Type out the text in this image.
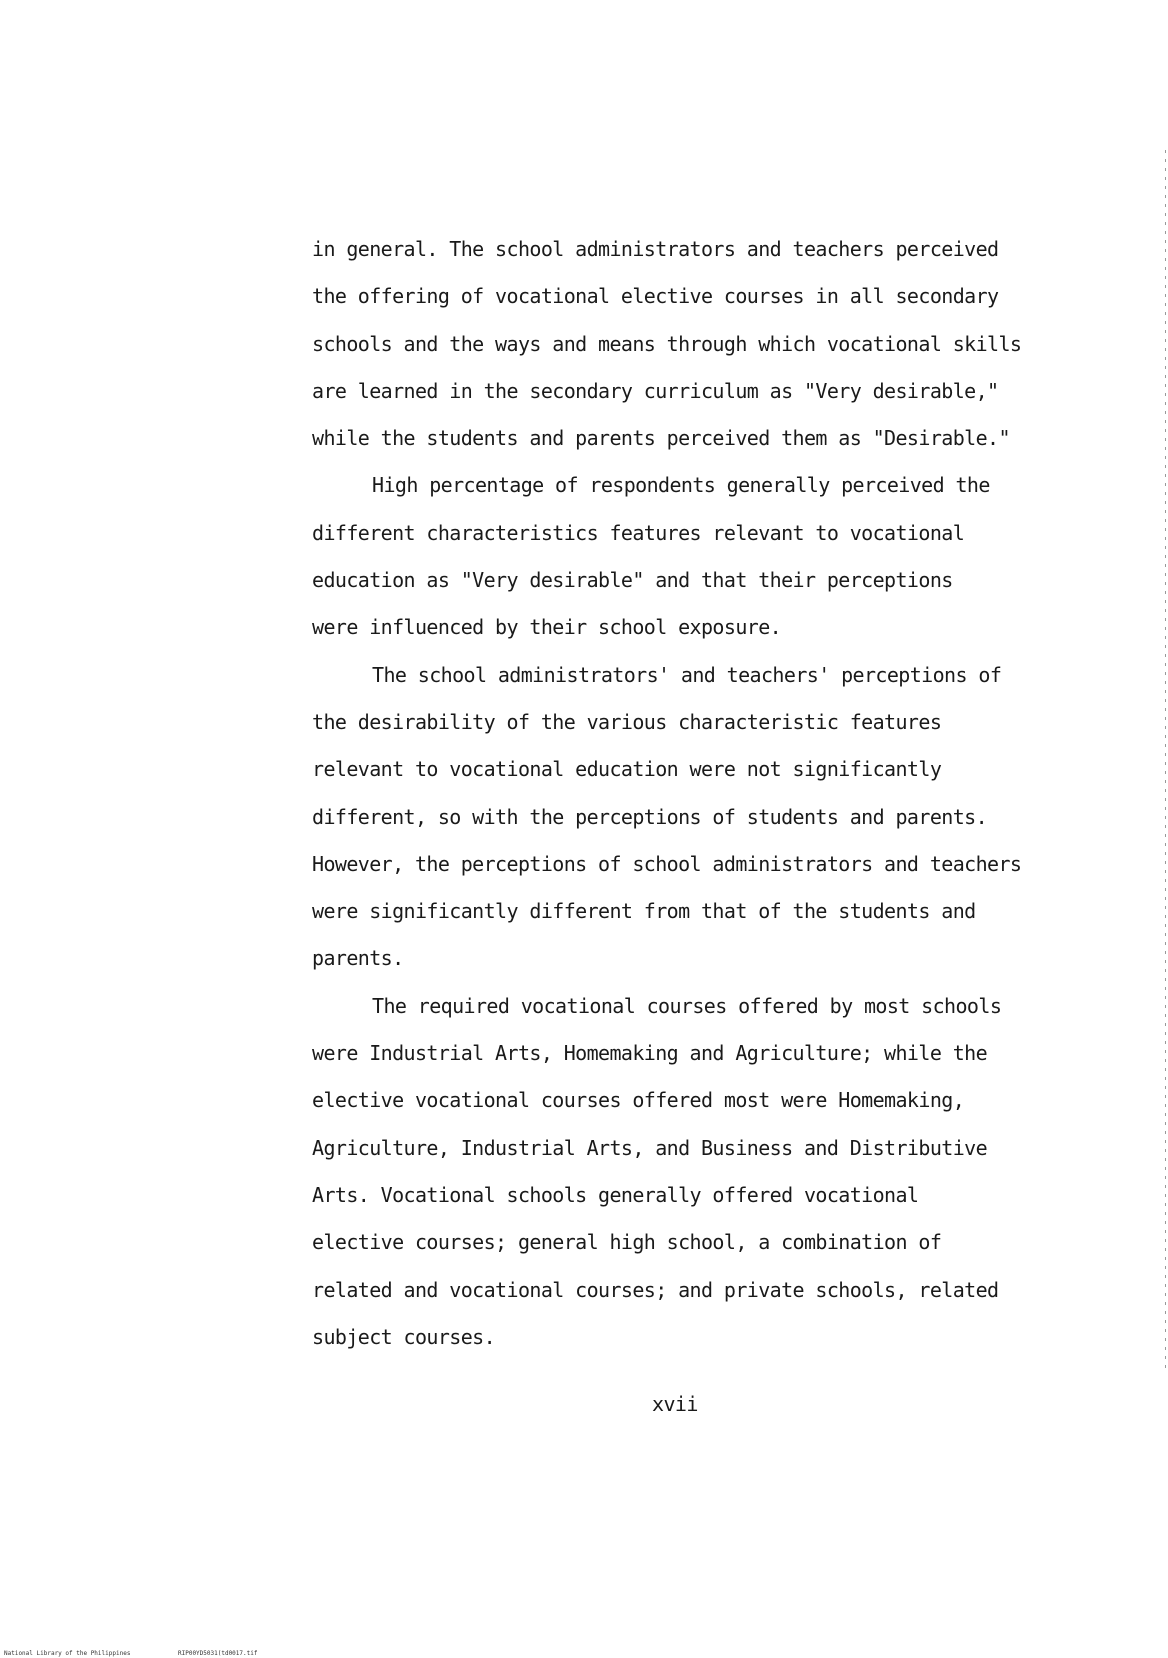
in general. The school administrators and teachers perceived
the offering of vocational elective courses in all secondary
schools and the ways and means through which vocational skills
are learned in the secondary curriculum as "Very desirable,"
while the students and parents perceived them as "Desirable."
High percentage of respondents generally perceived the
different characteristics features relevant to vocational
education as "Very desirable" and that their perceptions
were influenced by their school exposure.
The school administrators' and teachers' perceptions of
the desirability of the various characteristic features
relevant to vocational education were not significantly
different, so with the perceptions of students and parents.
However, the perceptions of school administrators and teachers
were significantly different from that of the students and
parents.
The required vocational courses offered by most schools
were Industrial Arts, Homemaking and Agriculture; while the
elective vocational courses offered most were Homemaking,
Agriculture, Industrial Arts, and Business and Distributive
Arts. Vocational schools generally offered vocational
elective courses; general high school, a combination of
related and vocational courses; and private schools, related
subject courses.
xvii
National Library of the Philippines	RIP00YD5031(td0017.tif
